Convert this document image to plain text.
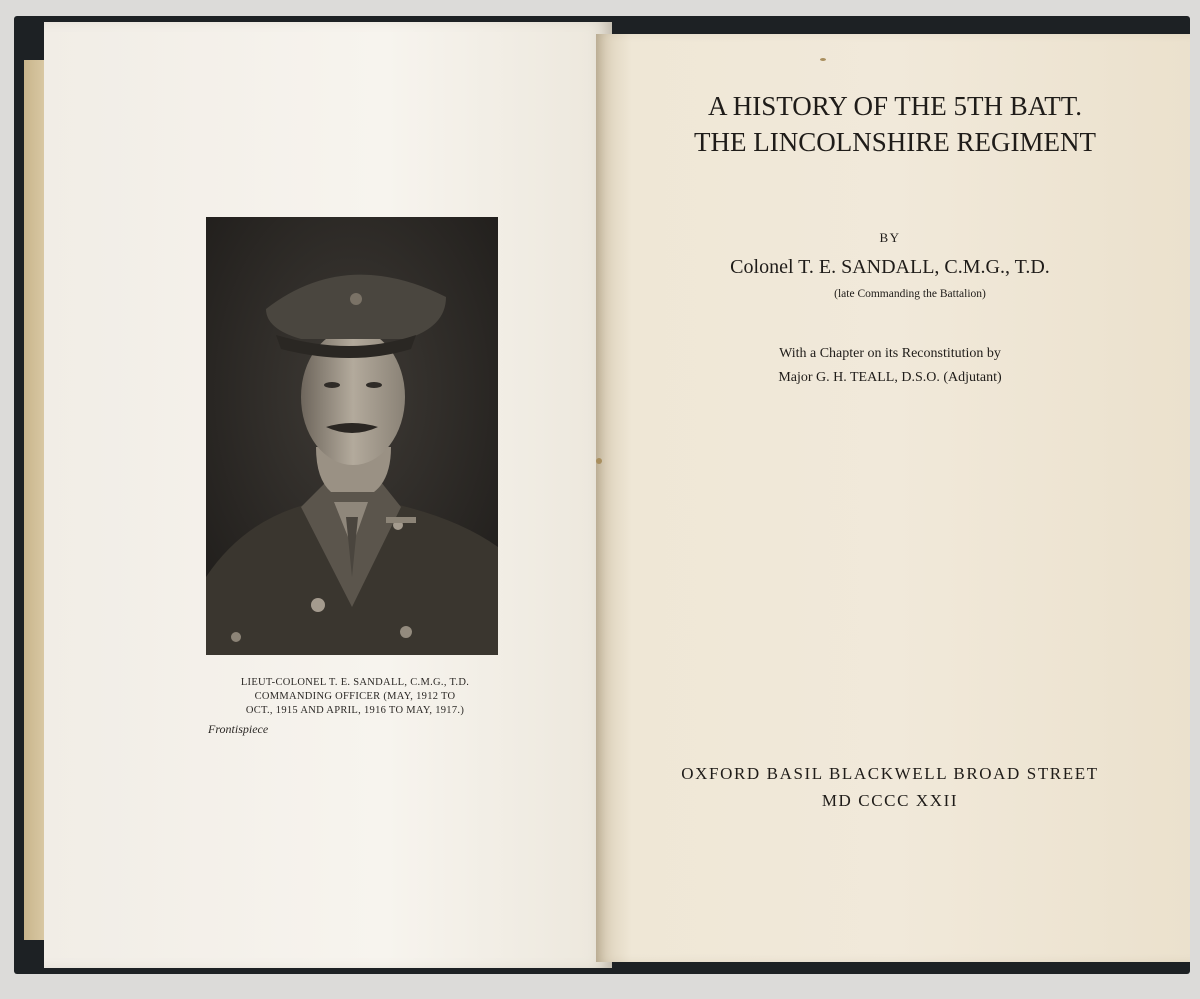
LIEUT-COLONEL T. E. SANDALL, C.M.G., T.D.
COMMANDING OFFICER (MAY, 1912 TO
OCT., 1915 AND APRIL, 1916 TO MAY, 1917.)
Frontispiece
A HISTORY OF THE 5TH BATT.
THE LINCOLNSHIRE REGIMENT
BY
Colonel T. E. SANDALL, C.M.G., T.D.
(late Commanding the Battalion)
With a Chapter on its Reconstitution by
Major G. H. TEALL, D.S.O. (Adjutant)
OXFORD BASIL BLACKWELL BROAD STREET
MD CCCC XXII
